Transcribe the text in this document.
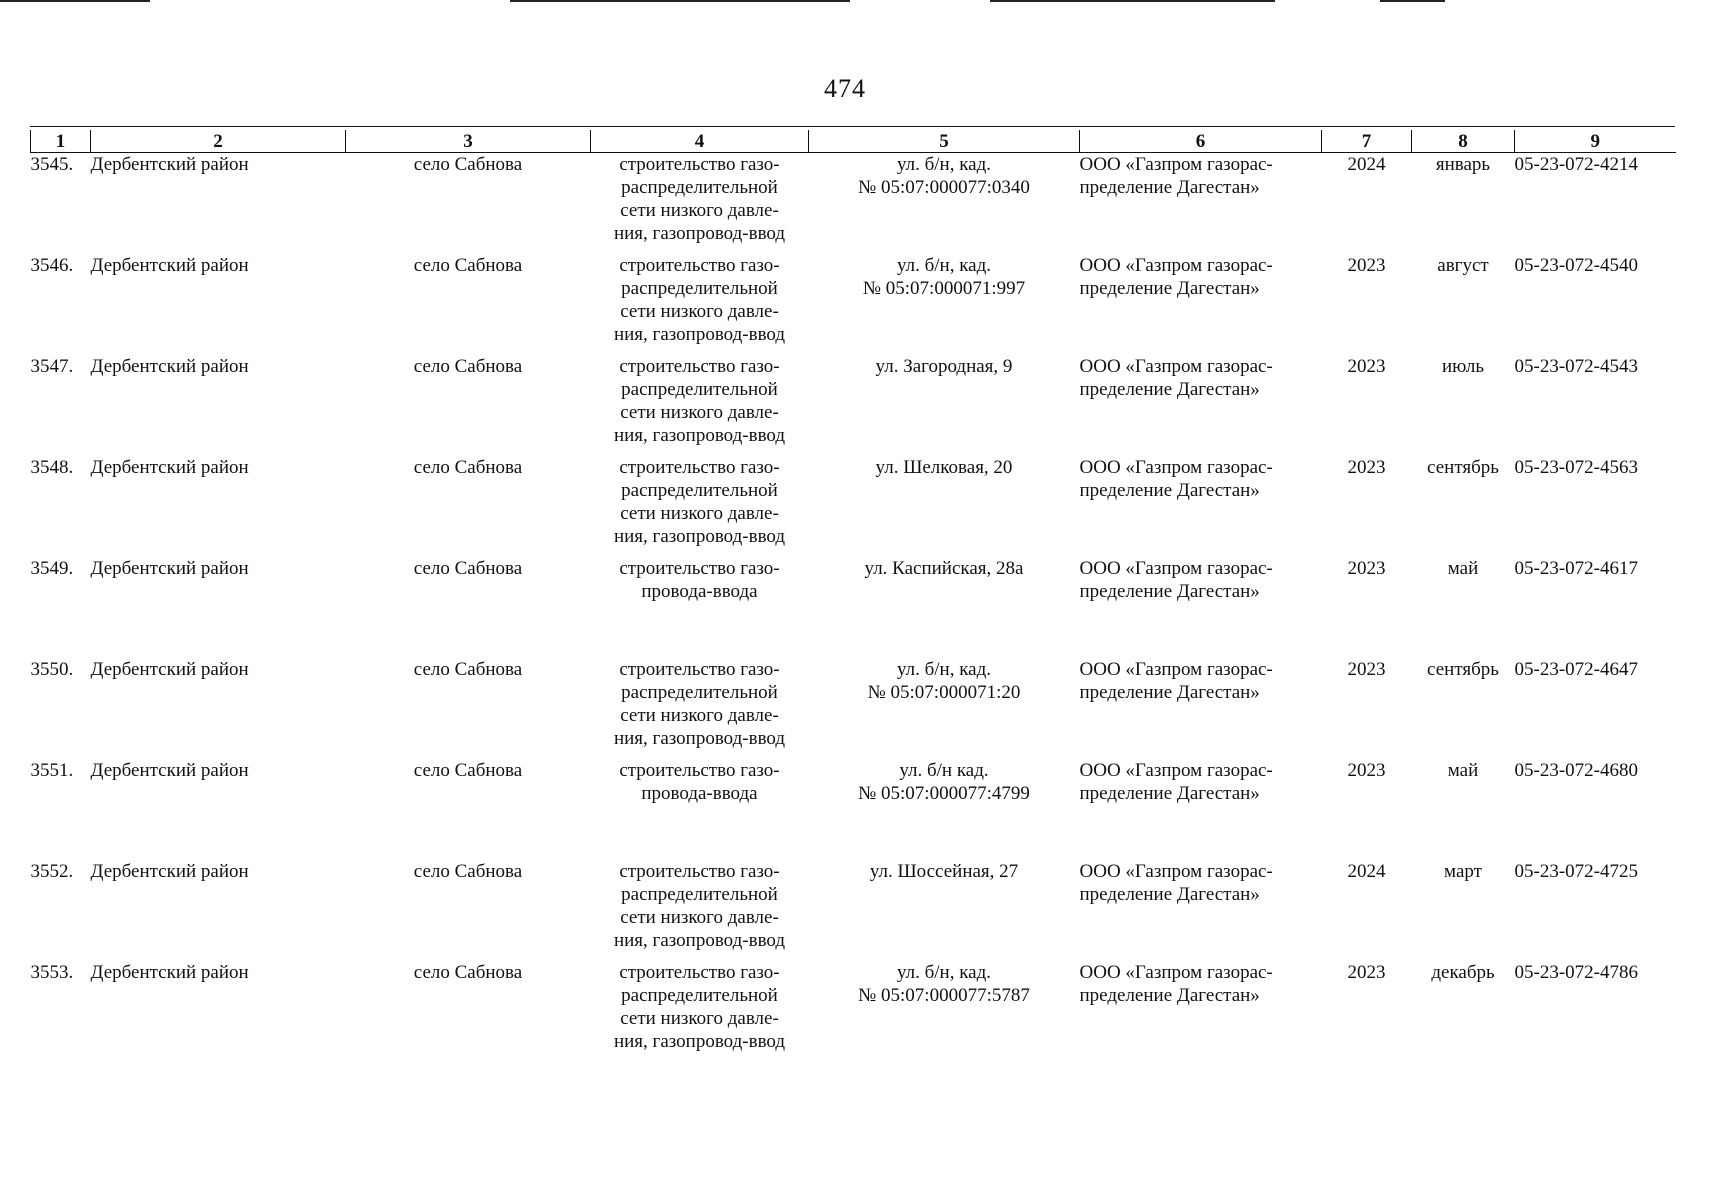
474
1	2	3	4	5	6	7	8	9
3545.	Дербентский район	село Сабнова	строительство газо-
распределительной
сети низкого давле-
ния, газопровод-ввод	ул. б/н, кад.
№ 05:07:000077:0340	ООО «Газпром газорас-
пределение Дагестан»	2024	январь	05-23-072-4214
3546.	Дербентский район	село Сабнова	строительство газо-
распределительной
сети низкого давле-
ния, газопровод-ввод	ул. б/н, кад.
№ 05:07:000071:997	ООО «Газпром газорас-
пределение Дагестан»	2023	август	05-23-072-4540
3547.	Дербентский район	село Сабнова	строительство газо-
распределительной
сети низкого давле-
ния, газопровод-ввод	ул. Загородная, 9	ООО «Газпром газорас-
пределение Дагестан»	2023	июль	05-23-072-4543
3548.	Дербентский район	село Сабнова	строительство газо-
распределительной
сети низкого давле-
ния, газопровод-ввод	ул. Шелковая, 20	ООО «Газпром газорас-
пределение Дагестан»	2023	сентябрь	05-23-072-4563
3549.	Дербентский район	село Сабнова	строительство газо-
провода-ввода	ул. Каспийская, 28а	ООО «Газпром газорас-
пределение Дагестан»	2023	май	05-23-072-4617
3550.	Дербентский район	село Сабнова	строительство газо-
распределительной
сети низкого давле-
ния, газопровод-ввод	ул. б/н, кад.
№ 05:07:000071:20	ООО «Газпром газорас-
пределение Дагестан»	2023	сентябрь	05-23-072-4647
3551.	Дербентский район	село Сабнова	строительство газо-
провода-ввода	ул. б/н кад.
№ 05:07:000077:4799	ООО «Газпром газорас-
пределение Дагестан»	2023	май	05-23-072-4680
3552.	Дербентский район	село Сабнова	строительство газо-
распределительной
сети низкого давле-
ния, газопровод-ввод	ул. Шоссейная, 27	ООО «Газпром газорас-
пределение Дагестан»	2024	март	05-23-072-4725
3553.	Дербентский район	село Сабнова	строительство газо-
распределительной
сети низкого давле-
ния, газопровод-ввод	ул. б/н, кад.
№ 05:07:000077:5787	ООО «Газпром газорас-
пределение Дагестан»	2023	декабрь	05-23-072-4786
